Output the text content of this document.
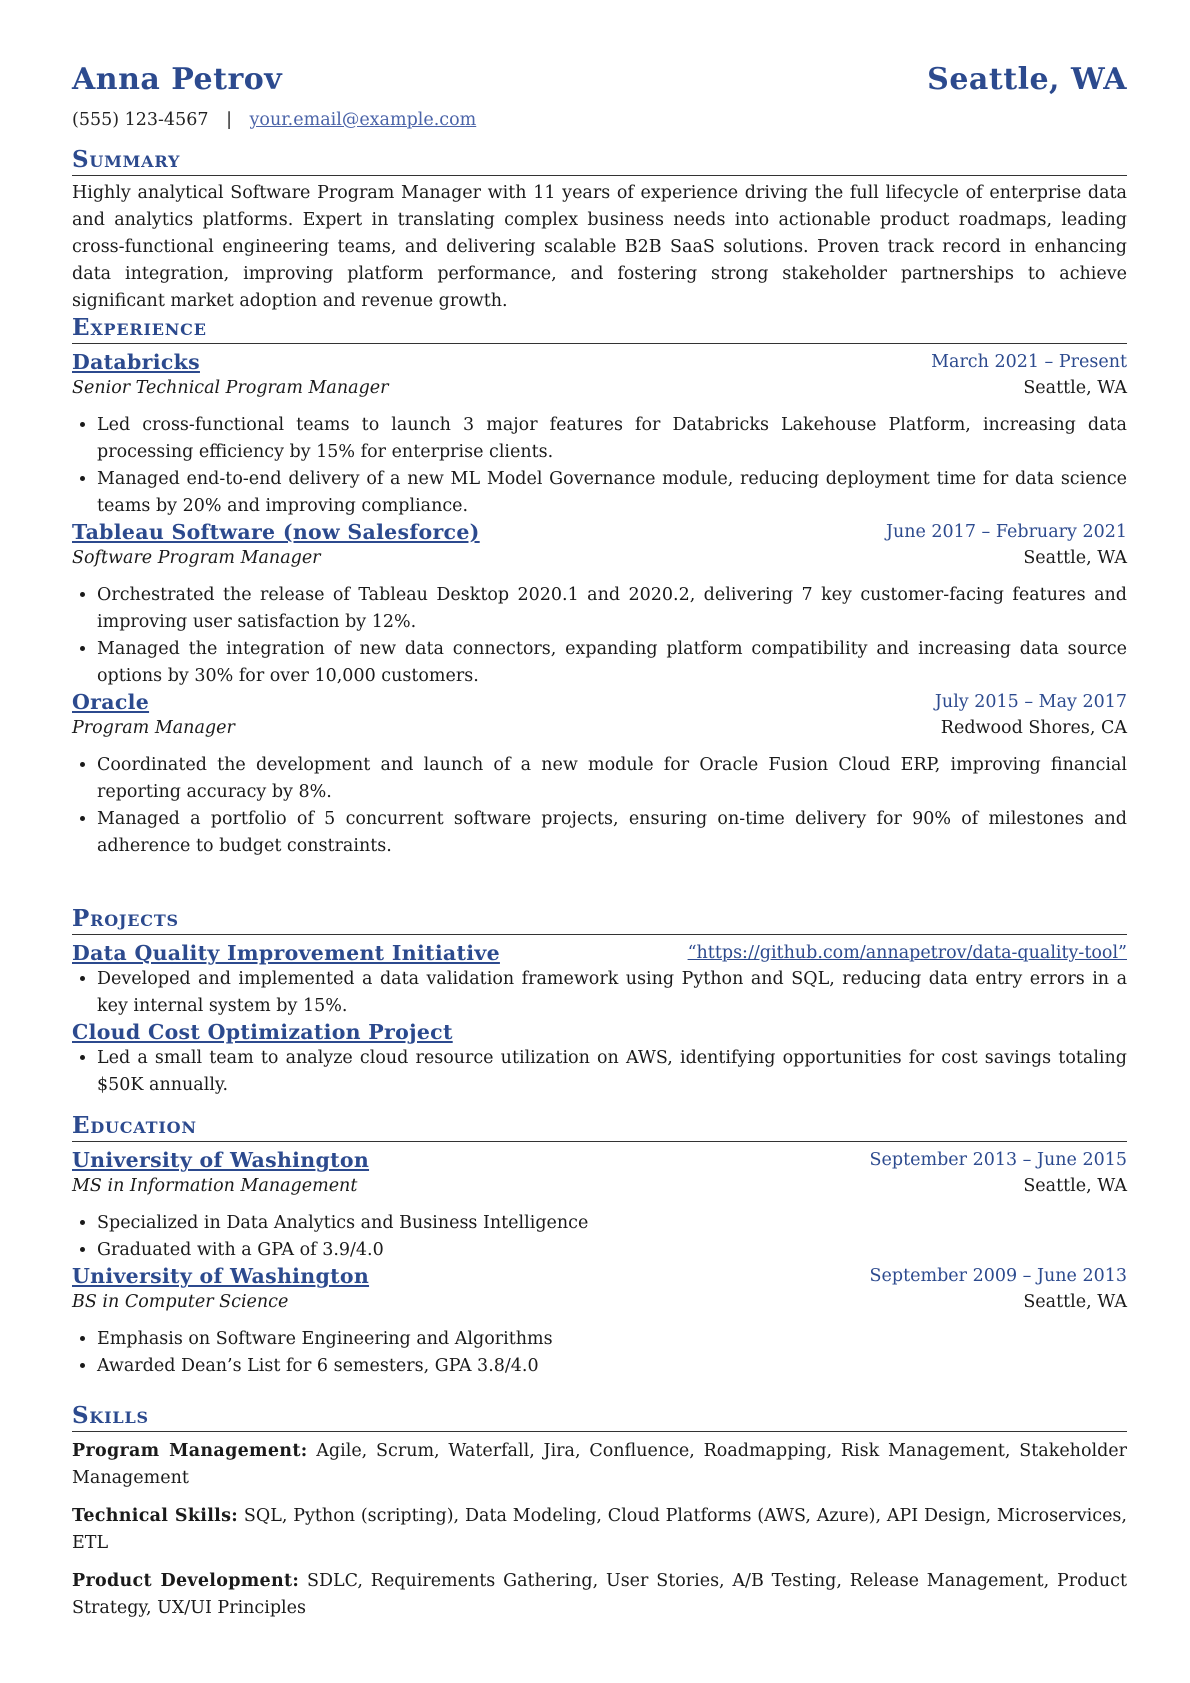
Anna Petrov	Seattle, WA
(555) 123-4567 | your.email@example.com
Summary
Highly analytical Software Program Manager with 11 years of experience driving the full lifecycle of enterprise data and analytics platforms. Expert in translating complex business needs into actionable product roadmaps, leading cross-functional engineering teams, and delivering scalable B2B SaaS solutions. Proven track record in enhancing data integration, improving platform performance, and fostering strong stakeholder partnerships to achieve significant market adoption and revenue growth.
Experience
Databricks	March 2021 – Present
Senior Technical Program Manager	Seattle, WA
• Led cross-functional teams to launch 3 major features for Databricks Lakehouse Platform, increasing data processing efficiency by 15% for enterprise clients.
• Managed end-to-end delivery of a new ML Model Governance module, reducing deployment time for data science teams by 20% and improving compliance.
Tableau Software (now Salesforce)	June 2017 – February 2021
Software Program Manager	Seattle, WA
• Orchestrated the release of Tableau Desktop 2020.1 and 2020.2, delivering 7 key customer-facing features and improving user satisfaction by 12%.
• Managed the integration of new data connectors, expanding platform compatibility and increasing data source options by 30% for over 10,000 customers.
Oracle	July 2015 – May 2017
Program Manager	Redwood Shores, CA
• Coordinated the development and launch of a new module for Oracle Fusion Cloud ERP, improving financial reporting accuracy by 8%.
• Managed a portfolio of 5 concurrent software projects, ensuring on-time delivery for 90% of milestones and adherence to budget constraints.
Projects
Data Quality Improvement Initiative	“https://github.com/annapetrov/data-quality-tool”
• Developed and implemented a data validation framework using Python and SQL, reducing data entry errors in a key internal system by 15%.
Cloud Cost Optimization Project
• Led a small team to analyze cloud resource utilization on AWS, identifying opportunities for cost savings totaling $50K annually.
Education
University of Washington	September 2013 – June 2015
MS in Information Management	Seattle, WA
• Specialized in Data Analytics and Business Intelligence
• Graduated with a GPA of 3.9/4.0
University of Washington	September 2009 – June 2013
BS in Computer Science	Seattle, WA
• Emphasis on Software Engineering and Algorithms
• Awarded Dean’s List for 6 semesters, GPA 3.8/4.0
Skills
Program Management: Agile, Scrum, Waterfall, Jira, Confluence, Roadmapping, Risk Management, Stakeholder Management
Technical Skills: SQL, Python (scripting), Data Modeling, Cloud Platforms (AWS, Azure), API Design, Microservices, ETL
Product Development: SDLC, Requirements Gathering, User Stories, A/B Testing, Release Management, Product Strategy, UX/UI Principles
